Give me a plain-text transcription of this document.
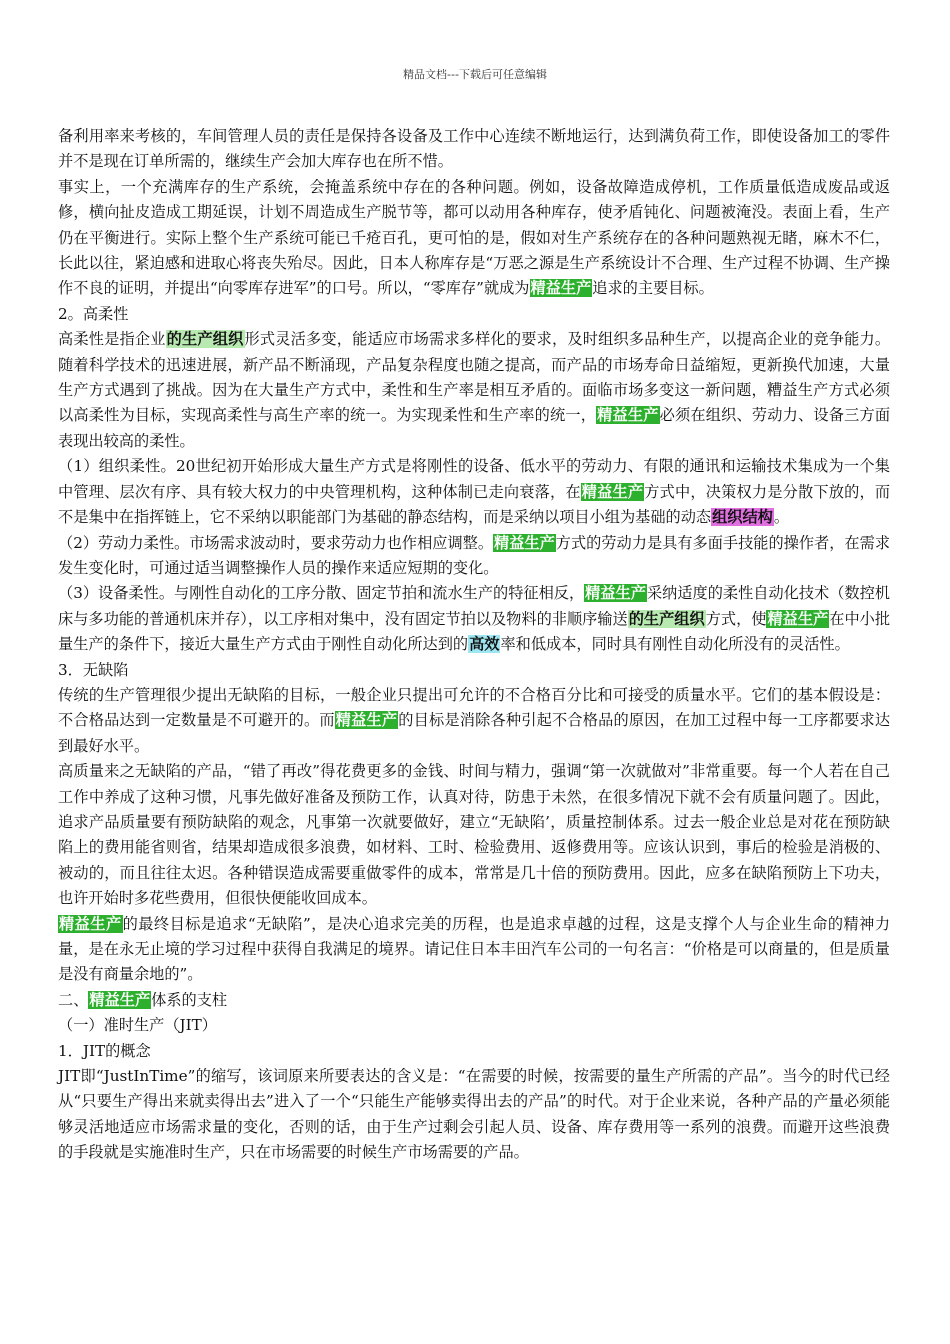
精品文档---下载后可任意编辑
备利用率来考核的，车间管理人员的责任是保持各设备及工作中心连续不断地运行，达到满负荷工作，即使设备加工的零件并不是现在订单所需的，继续生产会加大库存也在所不惜。
事实上，一个充满库存的生产系统，会掩盖系统中存在的各种问题。例如，设备故障造成停机，工作质量低造成废品或返修，横向扯皮造成工期延误，计划不周造成生产脱节等，都可以动用各种库存，使矛盾钝化、问题被淹没。表面上看，生产仍在平衡进行。实际上整个生产系统可能已千疮百孔，更可怕的是，假如对生产系统存在的各种问题熟视无睹，麻木不仁，长此以往，紧迫感和进取心将丧失殆尽。因此，日本人称库存是“万恶之源是生产系统设计不合理、生产过程不协调、生产操作不良的证明，并提出“向零库存进军”的口号。所以，“零库存”就成为精益生产追求的主要目标。
2。高柔性
高柔性是指企业的生产组织形式灵活多变，能适应市场需求多样化的要求，及时组织多品种生产，以提高企业的竞争能力。随着科学技术的迅速进展，新产品不断涌现，产品复杂程度也随之提高，而产品的市场寿命日益缩短，更新换代加速，大量生产方式遇到了挑战。因为在大量生产方式中，柔性和生产率是相互矛盾的。面临市场多变这一新问题，糟益生产方式必须以高柔性为目标，实现高柔性与高生产率的统一。为实现柔性和生产率的统一，精益生产必须在组织、劳动力、设备三方面表现出较高的柔性。
（1）组织柔性。20世纪初开始形成大量生产方式是将刚性的设备、低水平的劳动力、有限的通讯和运输技术集成为一个集中管理、层次有序、具有较大权力的中央管理机构，这种体制已走向衰落，在精益生产方式中，决策权力是分散下放的，而不是集中在指挥链上，它不采纳以职能部门为基础的静态结构，而是采纳以项目小组为基础的动态组织结构。
（2）劳动力柔性。市场需求波动时，要求劳动力也作相应调整。精益生产方式的劳动力是具有多面手技能的操作者，在需求发生变化时，可通过适当调整操作人员的操作来适应短期的变化。
（3）设备柔性。与刚性自动化的工序分散、固定节拍和流水生产的特征相反，精益生产采纳适度的柔性自动化技术（数控机床与多功能的普通机床并存），以工序相对集中，没有固定节拍以及物料的非顺序输送的生产组织方式，使精益生产在中小批量生产的条件下，接近大量生产方式由于刚性自动化所达到的高效率和低成本，同时具有刚性自动化所没有的灵活性。
3．无缺陷
传统的生产管理很少提出无缺陷的目标，一般企业只提出可允许的不合格百分比和可接受的质量水平。它们的基本假设是：不合格品达到一定数量是不可避开的。而精益生产的目标是消除各种引起不合格品的原因，在加工过程中每一工序都要求达到最好水平。
高质量来之无缺陷的产品，“错了再改”得花费更多的金钱、时间与精力，强调“第一次就做对”非常重要。每一个人若在自己工作中养成了这种习惯，凡事先做好准备及预防工作，认真对待，防患于未然，在很多情况下就不会有质量问题了。因此，追求产品质量要有预防缺陷的观念，凡事第一次就要做好，建立“无缺陷’，质量控制体系。过去一般企业总是对花在预防缺陷上的费用能省则省，结果却造成很多浪费，如材料、工时、检验费用、返修费用等。应该认识到，事后的检验是消极的、被动的，而且往往太迟。各种错误造成需要重做零件的成本，常常是几十倍的预防费用。因此，应多在缺陷预防上下功夫，也许开始时多花些费用，但很快便能收回成本。
精益生产的最终目标是追求“无缺陷”，是决心追求完美的历程，也是追求卓越的过程，这是支撑个人与企业生命的精神力量，是在永无止境的学习过程中获得自我满足的境界。请记住日本丰田汽车公司的一句名言：“价格是可以商量的，但是质量是没有商量余地的”。
二、精益生产体系的支柱
（一）准时生产（JIT）
1．JIT的概念
JIT即“JustInTime”的缩写，该词原来所要表达的含义是：“在需要的时候，按需要的量生产所需的产品”。当今的时代已经从“只要生产得出来就卖得出去”进入了一个“只能生产能够卖得出去的产品”的时代。对于企业来说，各种产品的产量必须能够灵活地适应市场需求量的变化，否则的话，由于生产过剩会引起人员、设备、库存费用等一系列的浪费。而避开这些浪费的手段就是实施准时生产，只在市场需要的时候生产市场需要的产品。
